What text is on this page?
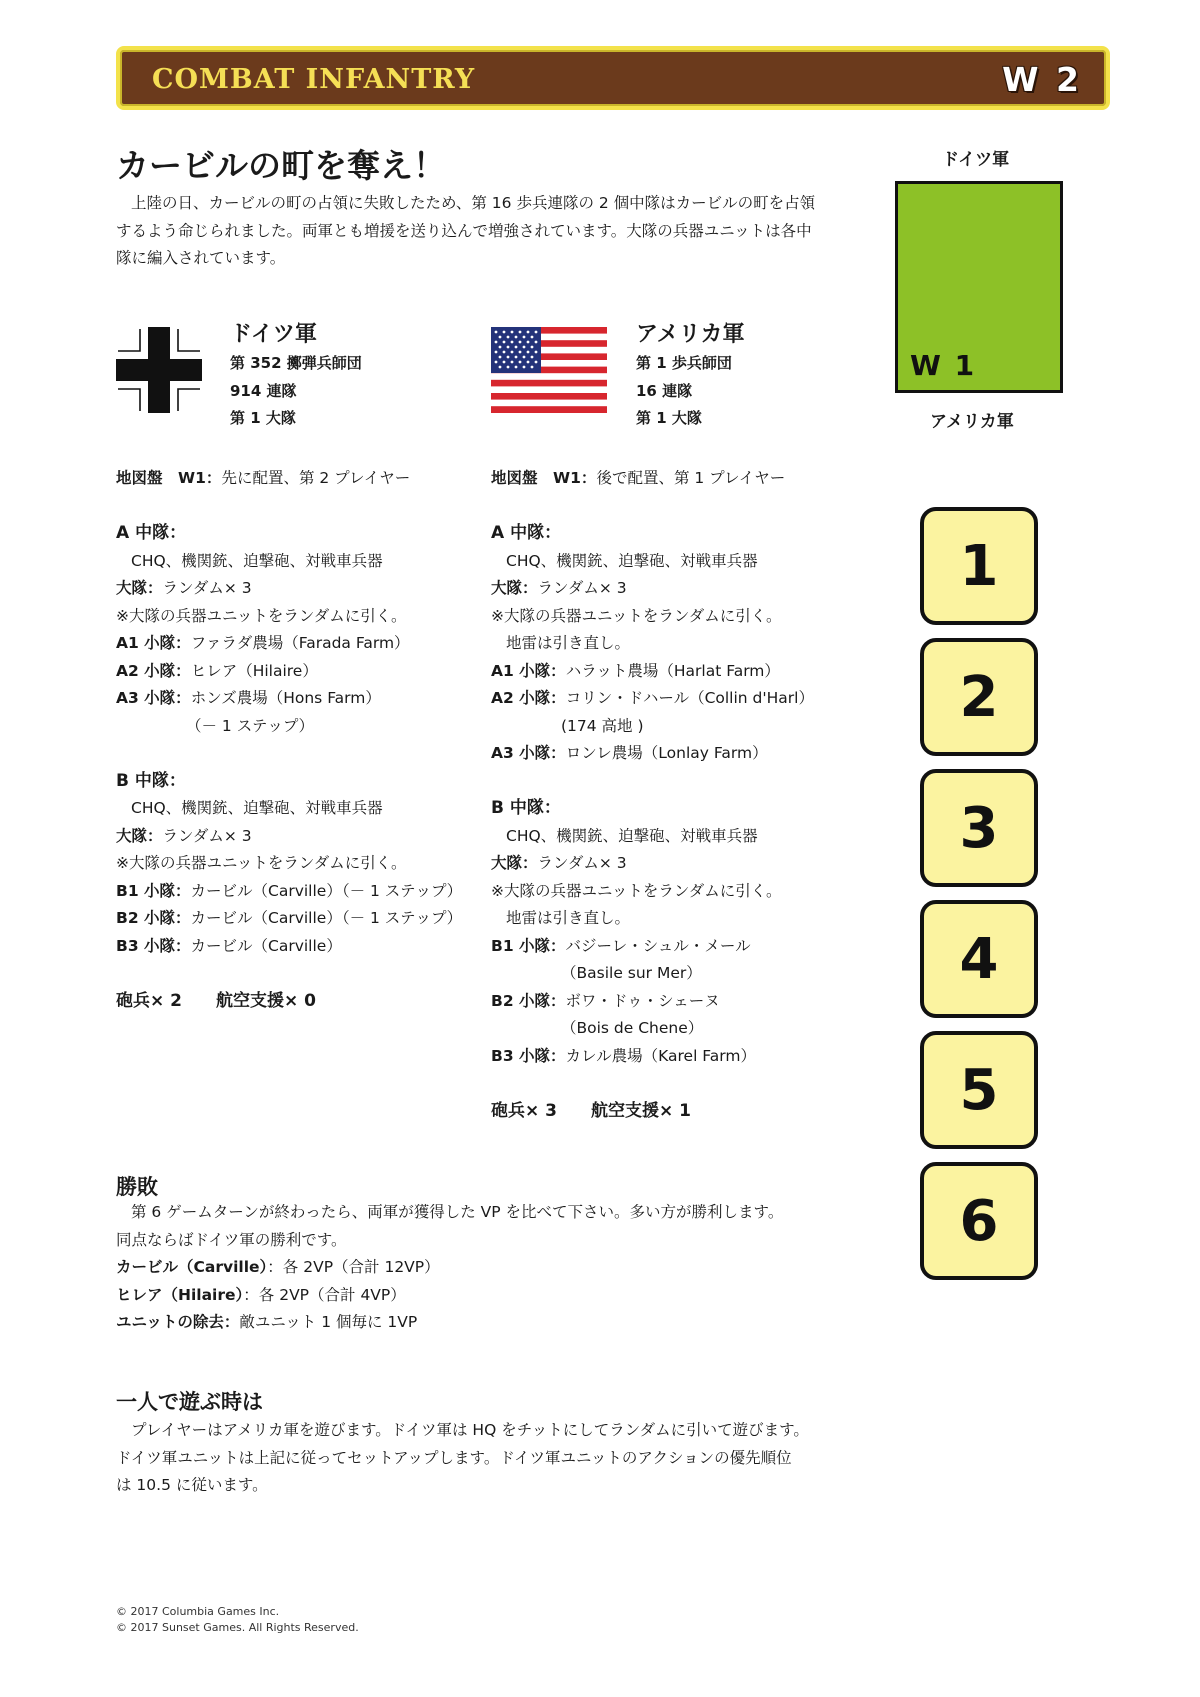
COMBAT INFANTRY	W 2
カービルの町を奪え！
上陸の日、カービルの町の占領に失敗したため、第 16 歩兵連隊の 2 個中隊はカービルの町を占領するよう命じられました。両軍とも増援を送り込んで増強されています。大隊の兵器ユニットは各中隊に編入されています。
ドイツ軍
第 352 擲弾兵師団
914 連隊
第 1 大隊
アメリカ軍
第 1 歩兵師団
16 連隊
第 1 大隊
地図盤　 W1：先に配置、第 2 プレイヤー
A 中隊：
CHQ、機関銃、迫撃砲、対戦車兵器
大隊：ランダム× 3
※大隊の兵器ユニットをランダムに引く。
A1 小隊：ファラダ農場（Farada Farm）
A2 小隊：ヒレア（Hilaire）
A3 小隊：ホンズ農場（Hons Farm）
（－ 1 ステップ）
B 中隊：
CHQ、機関銃、迫撃砲、対戦車兵器
大隊：ランダム× 3
※大隊の兵器ユニットをランダムに引く。
B1 小隊：カービル（Carville）（－ 1 ステップ）
B2 小隊：カービル（Carville）（－ 1 ステップ）
B3 小隊：カービル（Carville）
砲兵× 2 航空支援× 0
地図盤　 W1：後で配置、第 1 プレイヤー
A 中隊：
CHQ、機関銃、迫撃砲、対戦車兵器
大隊：ランダム× 3
※大隊の兵器ユニットをランダムに引く。
地雷は引き直し。
A1 小隊：ハラット農場（Harlat Farm）
A2 小隊：コリン・ドハール（Collin d'Harl）
(174 高地 )
A3 小隊：ロンレ農場（Lonlay Farm）
B 中隊：
CHQ、機関銃、迫撃砲、対戦車兵器
大隊：ランダム× 3
※大隊の兵器ユニットをランダムに引く。
地雷は引き直し。
B1 小隊：バジーレ・シュル・メール
（Basile sur Mer）
B2 小隊：ボワ・ドゥ・シェーヌ
（Bois de Chene）
B3 小隊：カレル農場（Karel Farm）
砲兵× 3 航空支援× 1
ドイツ軍
W 1
アメリカ軍
1
2
3
4
5
6
勝敗
第 6 ゲームターンが終わったら、両軍が獲得した VP を比べて下さい。多い方が勝利します。
同点ならばドイツ軍の勝利です。
カービル（Carville）：各 2VP（合計 12VP）
ヒレア（Hilaire）：各 2VP（合計 4VP）
ユニットの除去：敵ユニット 1 個毎に 1VP
一人で遊ぶ時は
プレイヤーはアメリカ軍を遊びます。ドイツ軍は HQ をチットにしてランダムに引いて遊びます。
ドイツ軍ユニットは上記に従ってセットアップします。ドイツ軍ユニットのアクションの優先順位
は 10.5 に従います。
© 2017 Columbia Games Inc.
© 2017 Sunset Games. All Rights Reserved.
